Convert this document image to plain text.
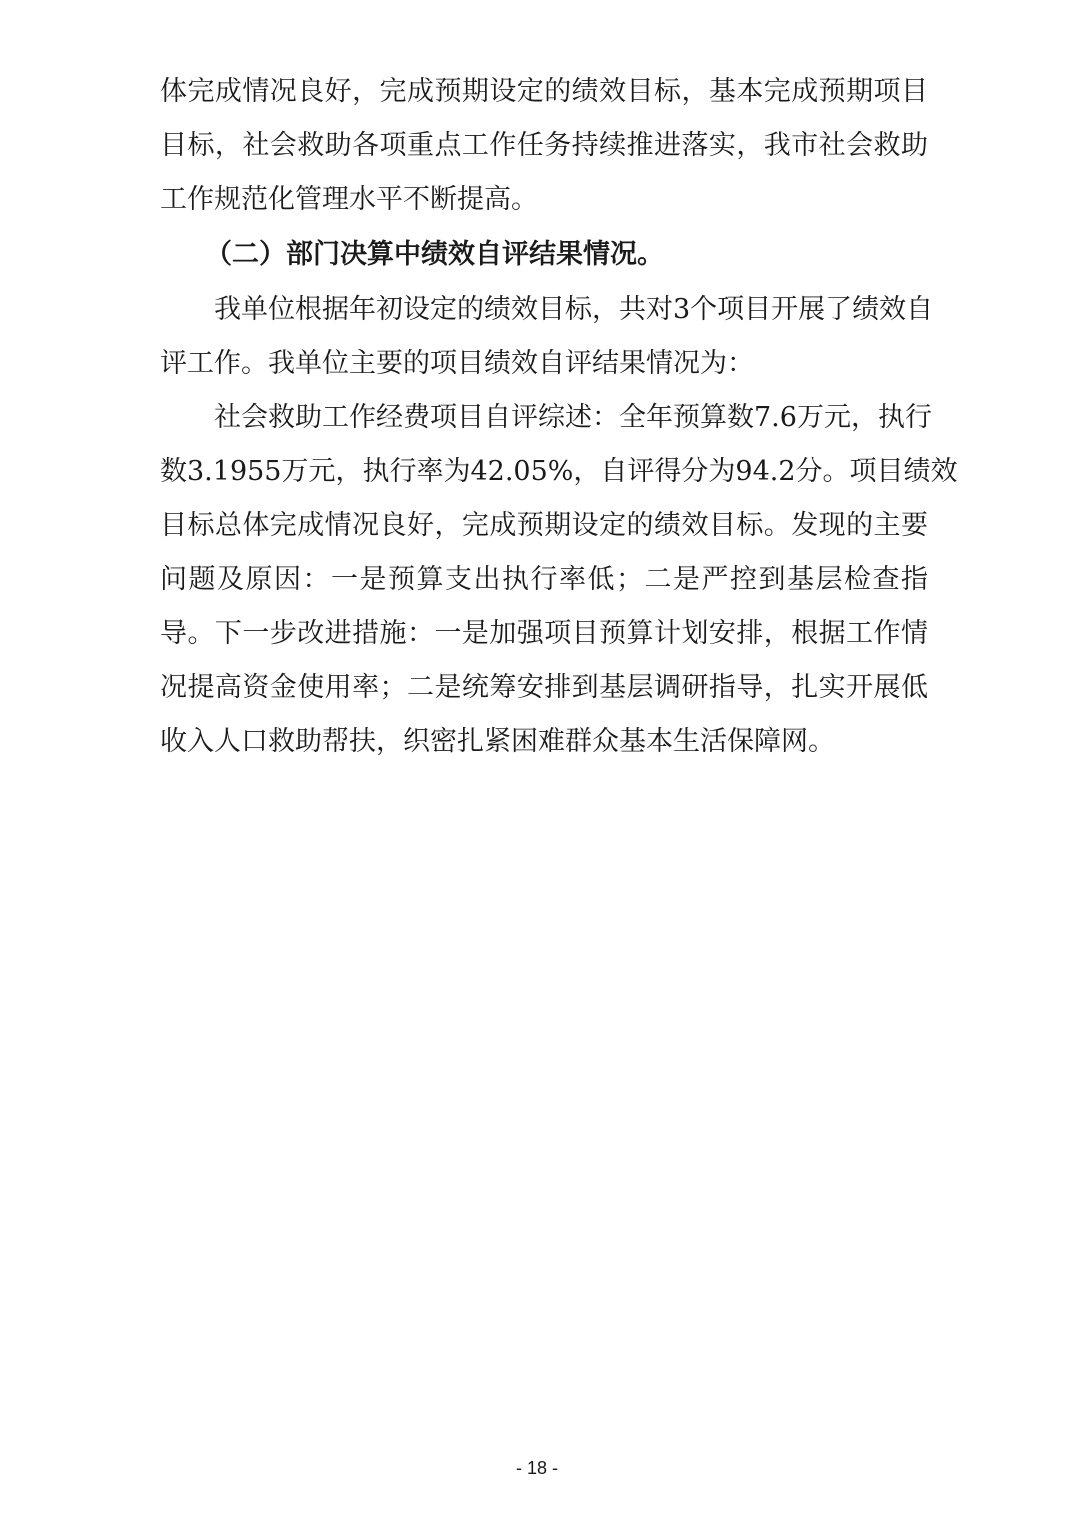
体完成情况良好，完成预期设定的绩效目标，基本完成预期项目
目标，社会救助各项重点工作任务持续推进落实，我市社会救助
工作规范化管理水平不断提高。
（二）部门决算中绩效自评结果情况。
我单位根据年初设定的绩效目标，共对3个项目开展了绩效自
评工作。我单位主要的项目绩效自评结果情况为：
社会救助工作经费项目自评综述：全年预算数7.6万元，执行
数3.1955万元，执行率为42.05%，自评得分为94.2分。项目绩效
目标总体完成情况良好，完成预期设定的绩效目标。发现的主要
问题及原因：一是预算支出执行率低；二是严控到基层检查指
导。下一步改进措施：一是加强项目预算计划安排，根据工作情
况提高资金使用率；二是统筹安排到基层调研指导，扎实开展低
收入人口救助帮扶，织密扎紧困难群众基本生活保障网。
- 18 -
